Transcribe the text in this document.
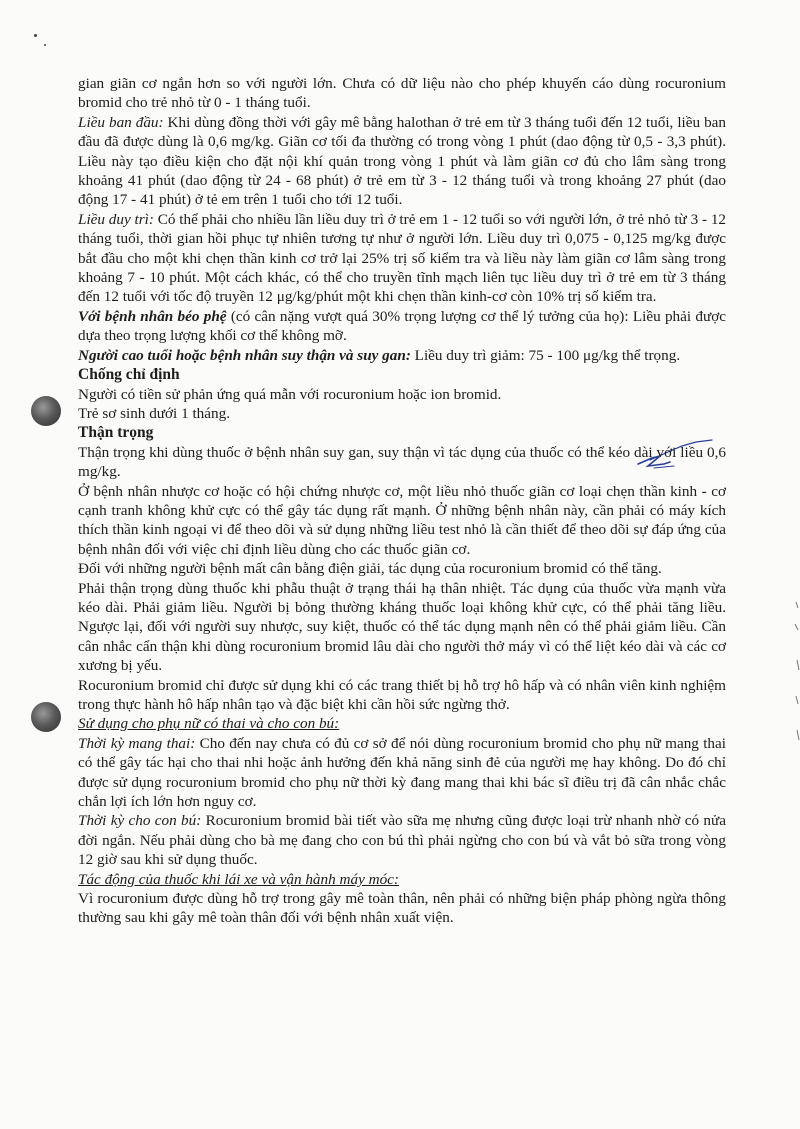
gian giãn cơ ngắn hơn so với người lớn. Chưa có dữ liệu nào cho phép khuyến cáo dùng rocuronium bromid cho trẻ nhỏ từ 0 - 1 tháng tuổi.

Liều ban đầu: Khi dùng đồng thời với gây mê bằng halothan ở trẻ em từ 3 tháng tuổi đến 12 tuổi, liều ban đầu đã được dùng là 0,6 mg/kg. Giãn cơ tối đa thường có trong vòng 1 phút (dao động từ 0,5 - 3,3 phút). Liều này tạo điều kiện cho đặt nội khí quản trong vòng 1 phút và làm giãn cơ đủ cho lâm sàng trong khoảng 41 phút (dao động từ 24 - 68 phút) ở trẻ em từ 3 - 12 tháng tuổi và trong khoảng 27 phút (dao động 17 - 41 phút) ở tẻ em trên 1 tuổi cho tới 12 tuổi.

Liều duy trì: Có thể phải cho nhiều lần liều duy trì ở trẻ em 1 - 12 tuổi so với người lớn, ở trẻ nhỏ từ 3 - 12 tháng tuổi, thời gian hồi phục tự nhiên tương tự như ở người lớn. Liều duy trì 0,075 - 0,125 mg/kg được bắt đầu cho một khi chẹn thần kinh cơ trở lại 25% trị số kiểm tra và liều này làm giãn cơ lâm sàng trong khoảng 7 - 10 phút. Một cách khác, có thể cho truyền tĩnh mạch liên tục liều duy trì ở trẻ em từ 3 tháng đến 12 tuổi với tốc độ truyền 12 μg/kg/phút một khi chẹn thần kinh-cơ còn 10% trị số kiểm tra.

Với bệnh nhân béo phệ (có cân nặng vượt quá 30% trọng lượng cơ thể lý tưởng của họ): Liều phải được dựa theo trọng lượng khối cơ thể không mỡ.

Người cao tuổi hoặc bệnh nhân suy thận và suy gan: Liều duy trì giảm: 75 - 100 μg/kg thể trọng.

Chống chỉ định

Người có tiền sử phản ứng quá mẫn với rocuronium hoặc ion bromid.

Trẻ sơ sinh dưới 1 tháng.

Thận trọng

Thận trọng khi dùng thuốc ở bệnh nhân suy gan, suy thận vì tác dụng của thuốc có thể kéo dài với liều 0,6 mg/kg.

Ở bệnh nhân nhược cơ hoặc có hội chứng nhược cơ, một liều nhỏ thuốc giãn cơ loại chẹn thần kinh - cơ cạnh tranh không khử cực có thể gây tác dụng rất mạnh. Ở những bệnh nhân này, cần phải có máy kích thích thần kinh ngoại vi để theo dõi và sử dụng những liều test nhỏ là cần thiết để theo dõi sự đáp ứng của bệnh nhân đối với việc chỉ định liều dùng cho các thuốc giãn cơ.

Đối với những người bệnh mất cân bằng điện giải, tác dụng của rocuronium bromid có thể tăng.

Phải thận trọng dùng thuốc khi phẫu thuật ở trạng thái hạ thân nhiệt. Tác dụng của thuốc vừa mạnh vừa kéo dài. Phải giảm liều. Người bị bỏng thường kháng thuốc loại không khử cực, có thể phải tăng liều. Ngược lại, đối với người suy nhược, suy kiệt, thuốc có thể tác dụng mạnh nên có thể phải giảm liều. Cần cân nhắc cẩn thận khi dùng rocuronium bromid lâu dài cho người thở máy vì có thể liệt kéo dài và các cơ xương bị yếu.

Rocuronium bromid chỉ được sử dụng khi có các trang thiết bị hỗ trợ hô hấp và có nhân viên kinh nghiệm trong thực hành hô hấp nhân tạo và đặc biệt khi cần hồi sức ngừng thở.

Sử dụng cho phụ nữ có thai và cho con bú:

Thời kỳ mang thai: Cho đến nay chưa có đủ cơ sở để nói dùng rocuronium bromid cho phụ nữ mang thai có thể gây tác hại cho thai nhi hoặc ảnh hưởng đến khả năng sinh đẻ của người mẹ hay không. Do đó chỉ được sử dụng rocuronium bromid cho phụ nữ thời kỳ đang mang thai khi bác sĩ điều trị đã cân nhắc chắc chắn lợi ích lớn hơn nguy cơ.

Thời kỳ cho con bú: Rocuronium bromid bài tiết vào sữa mẹ nhưng cũng được loại trừ nhanh nhờ có nửa đời ngắn. Nếu phải dùng cho bà mẹ đang cho con bú thì phải ngừng cho con bú và vắt bỏ sữa trong vòng 12 giờ sau khi sử dụng thuốc.

Tác động của thuốc khi lái xe và vận hành máy móc:

Vì rocuronium được dùng hỗ trợ trong gây mê toàn thân, nên phải có những biện pháp phòng ngừa thông thường sau khi gây mê toàn thân đối với bệnh nhân xuất viện.
